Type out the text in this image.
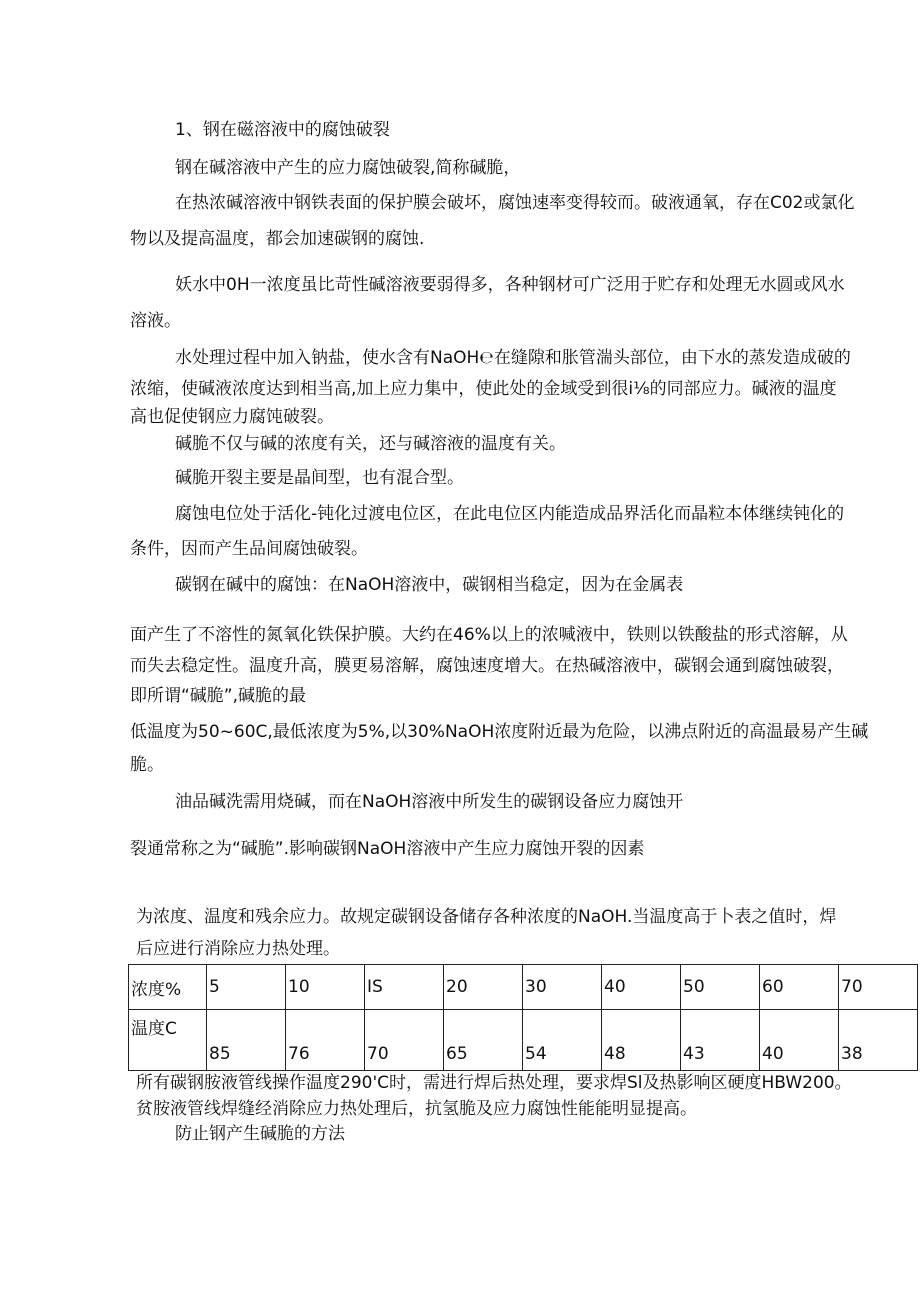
1、钢在磁溶液中的腐蚀破裂

钢在碱溶液中产生的应力腐蚀破裂,简称碱脆，

在热浓碱溶液中钢铁表面的保护膜会破坏，腐蚀速率变得较而。破液通氧，存在C02或氯化

物以及提高温度，都会加速碳钢的腐蚀.

妖水中0H一浓度虽比苛性碱溶液要弱得多，各种钢材可广泛用于贮存和处理无水圆或风水

溶液。

水处理过程中加入钠盐，使水含有NaOH℮在缝隙和胀管湍头部位，由下水的蒸发造成破的

浓缩，使碱液浓度达到相当高,加上应力集中，使此处的金域受到很i⅛的同部应力。碱液的温度

高也促使钢应力腐饨破裂。

碱脆不仅与碱的浓度有关，还与碱溶液的温度有关。

碱脆开裂主要是晶间型，也有混合型。

腐蚀电位处于活化-钝化过渡电位区，在此电位区内能造成品界活化而晶粒本体继续钝化的

条件，因而产生品间腐蚀破裂。

碳钢在碱中的腐蚀：在NaOH溶液中，碳钢相当稳定，因为在金属表

面产生了不溶性的氮氧化铁保护膜。大约在46%以上的浓喊液中，铁则以铁酸盐的形式溶解，从

而失去稳定性。温度升高，膜更易溶解，腐蚀速度增大。在热碱溶液中，碳钢会通到腐蚀破裂，

即所谓“碱脆”,碱脆的最

低温度为50~60C,最低浓度为5%,以30%NaOH浓度附近最为危险，以沸点附近的高温最易产生碱

脆。

油品碱洗需用烧碱，而在NaOH溶液中所发生的碳钢设备应力腐蚀开

裂通常称之为“碱脆”.影响碳钢NaOH溶液中产生应力腐蚀开裂的因素

为浓度、温度和残余应力。故规定碳钢设备储存各种浓度的NaOH.当温度高于卜表之值时，焊

后应进行消除应力热处理。

浓度%	5	10	IS	20	30	40	50	60	70
温度C	85	76	70	65	54	48	43	40	38

所有碳钢胺液管线操作温度290'C时，需进行焊后热处理，要求焊Sl及热影响区硬度HBW200。

贫胺液管线焊缝经消除应力热处理后，抗氢脆及应力腐蚀性能能明显提高。

防止钢产生碱脆的方法
